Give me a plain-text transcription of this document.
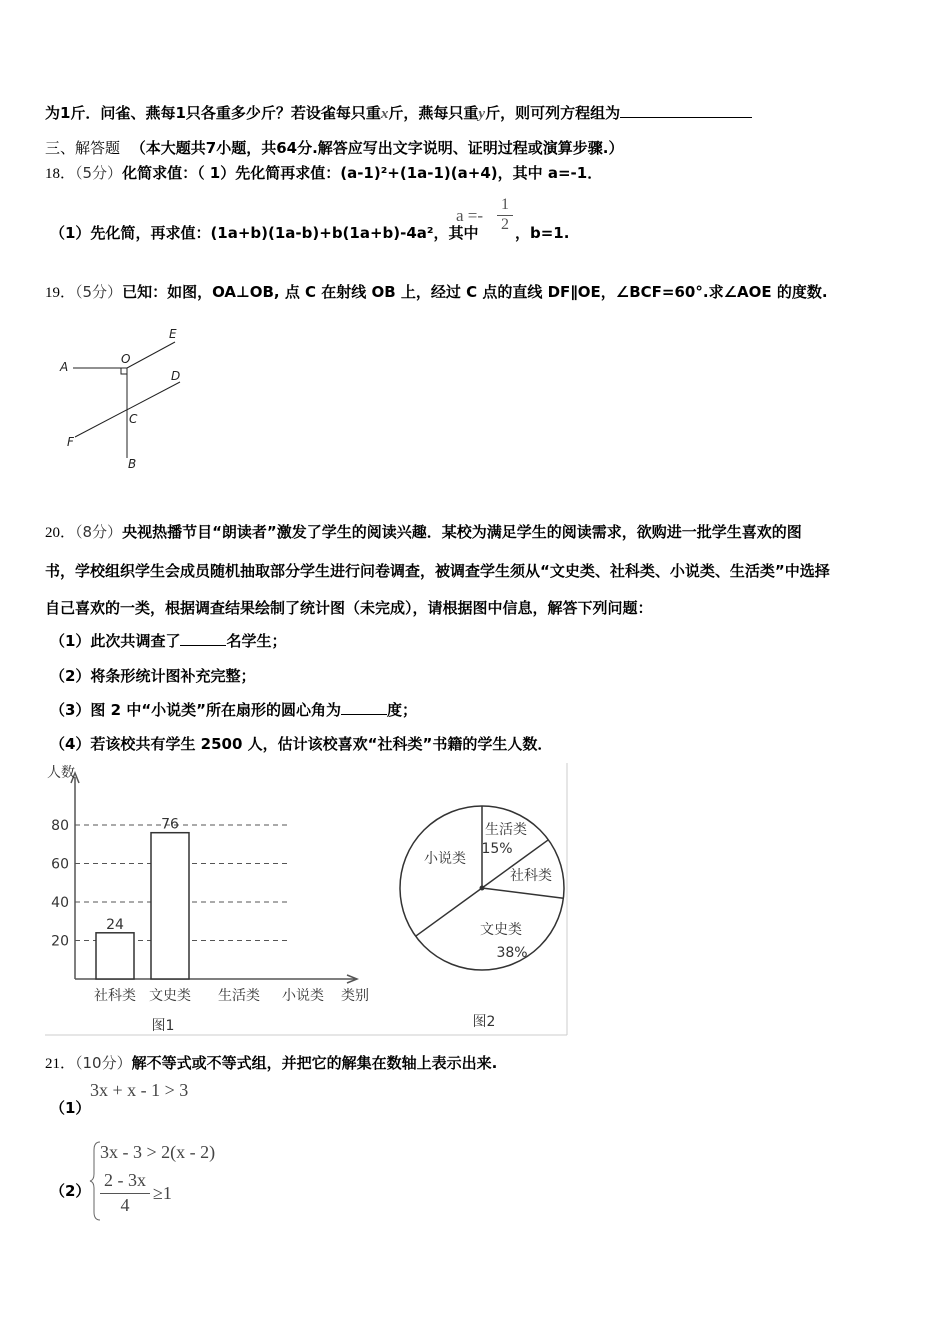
为1斤．问雀、燕每1只各重多少斤？若设雀每只重x斤，燕每只重y斤，则可列方程组为
三、解答题 （本大题共7小题，共64分.解答应写出文字说明、证明过程或演算步骤.）
18．（5分）化简求值：（ 1）先化简再求值：(a-1)²+(1a-1)(a+4)，其中 a=-1．
（1）先化简，再求值：(1a+b)(1a-b)+b(1a+b)-4a²，其中
a =-
1
2 ，b=1.
19．（5分）已知：如图，OA⊥OB, 点 C 在射线 OB 上，经过 C 点的直线 DF∥OE，∠BCF=60°.求∠AOE 的度数.
A
O
E
D
C
F
B
20．（8分）央视热播节目“朗读者”激发了学生的阅读兴趣．某校为满足学生的阅读需求，欲购进一批学生喜欢的图
书，学校组织学生会成员随机抽取部分学生进行问卷调查，被调查学生须从“文史类、社科类、小说类、生活类”中选择
自己喜欢的一类，根据调查结果绘制了统计图（未完成），请根据图中信息，解答下列问题：
（1）此次共调查了	名学生；
（2）将条形统计图补充完整；
（3）图 2 中“小说类”所在扇形的圆心角为	度；
（4）若该校共有学生 2500 人，估计该校喜欢“社科类”书籍的学生人数．
人数
类别
20
40
60
80
社科类
24
文史类
76
生活类 小说类
图1
生活类
15%
社科类
文史类
38%
小说类
图2
21．（10分）解不等式或不等式组，并把它的解集在数轴上表示出来.
（1）
3x + x - 1 > 3
（2）
3x - 3 > 2(x - 2)
2 - 3x
4
≥1
